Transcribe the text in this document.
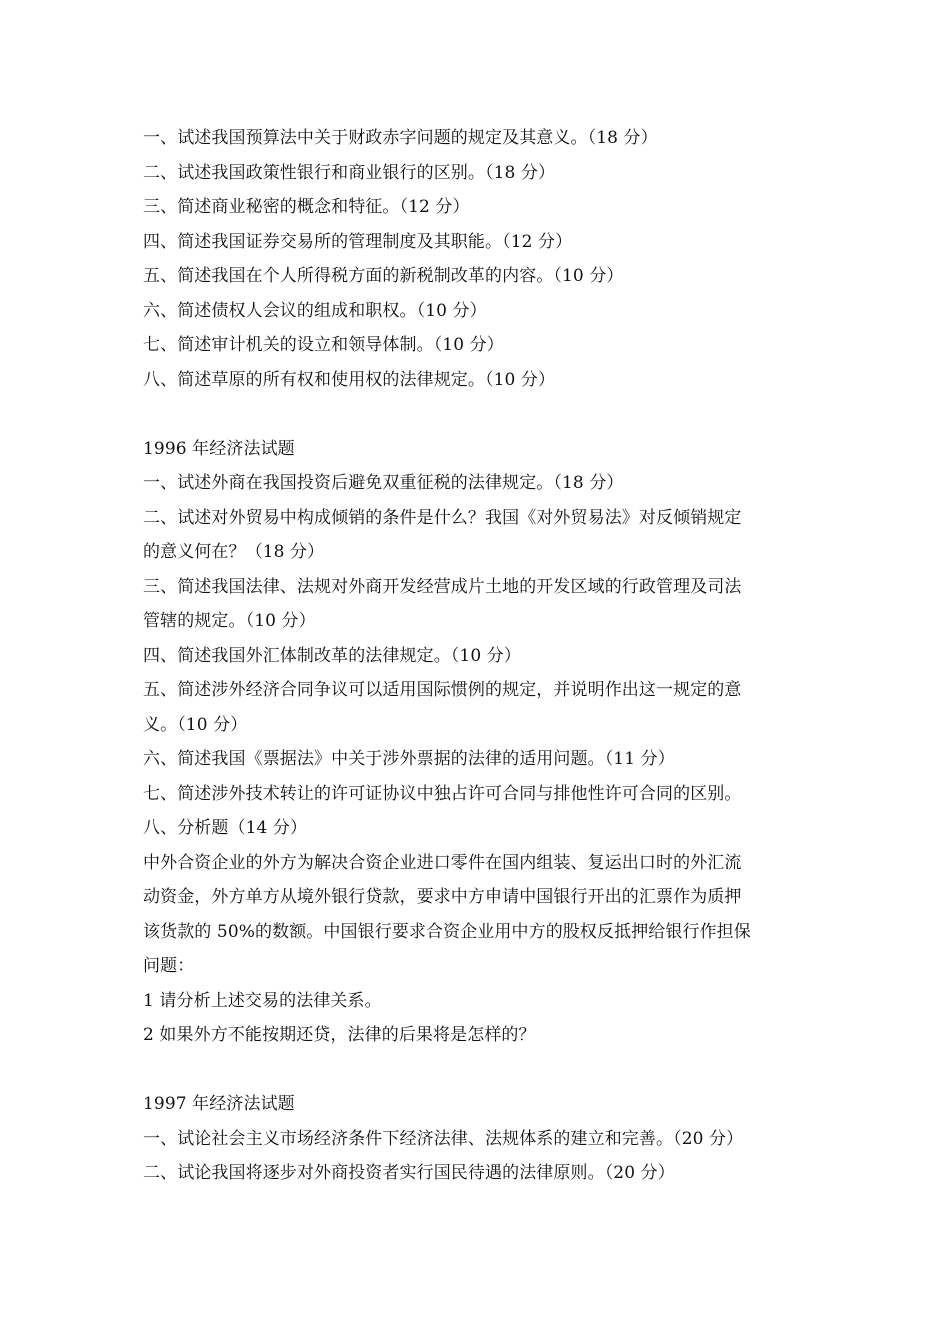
一、试述我国预算法中关于财政赤字问题的规定及其意义。（18 分）
二、试述我国政策性银行和商业银行的区别。（18 分）
三、简述商业秘密的概念和特征。（12 分）
四、简述我国证券交易所的管理制度及其职能。（12 分）
五、简述我国在个人所得税方面的新税制改革的内容。（10 分）
六、简述债权人会议的组成和职权。（10 分）
七、简述审计机关的设立和领导体制。（10 分）
八、简述草原的所有权和使用权的法律规定。（10 分）
1996 年经济法试题
一、试述外商在我国投资后避免双重征税的法律规定。（18 分）
二、试述对外贸易中构成倾销的条件是什么？我国《对外贸易法》对反倾销规定
的意义何在？（18 分）
三、简述我国法律、法规对外商开发经营成片土地的开发区域的行政管理及司法
管辖的规定。（10 分）
四、简述我国外汇体制改革的法律规定。（10 分）
五、简述涉外经济合同争议可以适用国际惯例的规定，并说明作出这一规定的意
义。（10 分）
六、简述我国《票据法》中关于涉外票据的法律的适用问题。（11 分）
七、简述涉外技术转让的许可证协议中独占许可合同与排他性许可合同的区别。
八、分析题（14 分）
中外合资企业的外方为解决合资企业进口零件在国内组装、复运出口时的外汇流
动资金，外方单方从境外银行贷款，要求中方申请中国银行开出的汇票作为质押
该货款的 50%的数额。中国银行要求合资企业用中方的股权反抵押给银行作担保
问题：
1 请分析上述交易的法律关系。
2 如果外方不能按期还贷，法律的后果将是怎样的？
1997 年经济法试题
一、试论社会主义市场经济条件下经济法律、法规体系的建立和完善。（20 分）
二、试论我国将逐步对外商投资者实行国民待遇的法律原则。（20 分）
